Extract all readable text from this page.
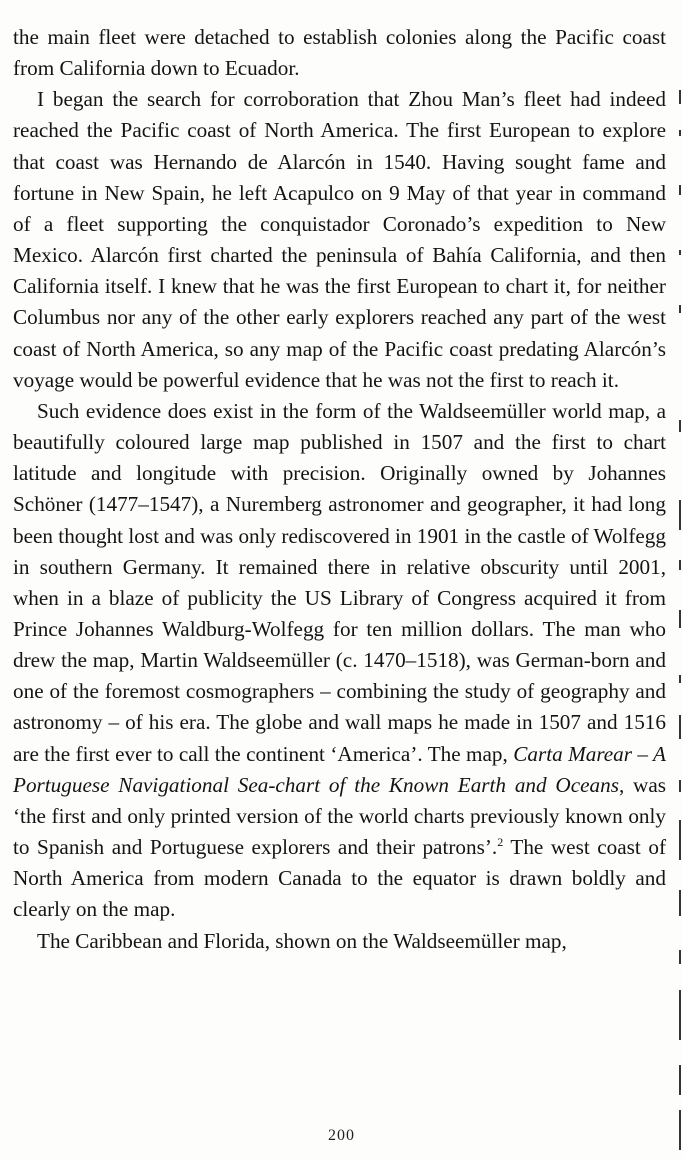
the main fleet were detached to establish colonies along the Pacific coast from California down to Ecuador.

I began the search for corroboration that Zhou Man’s fleet had indeed reached the Pacific coast of North America. The first European to explore that coast was Hernando de Alarcón in 1540. Having sought fame and fortune in New Spain, he left Acapulco on 9 May of that year in command of a fleet supporting the conquistador Coronado’s expedition to New Mexico. Alarcón first charted the peninsula of Bahía California, and then California itself. I knew that he was the first European to chart it, for neither Columbus nor any of the other early explorers reached any part of the west coast of North America, so any map of the Pacific coast predating Alarcón’s voyage would be powerful evidence that he was not the first to reach it.

Such evidence does exist in the form of the Waldseemüller world map, a beautifully coloured large map published in 1507 and the first to chart latitude and longitude with precision. Originally owned by Johannes Schöner (1477–1547), a Nuremberg astronomer and geographer, it had long been thought lost and was only rediscovered in 1901 in the castle of Wolfegg in southern Germany. It remained there in relative obscurity until 2001, when in a blaze of publicity the US Library of Congress acquired it from Prince Johannes Waldburg-Wolfegg for ten million dollars. The man who drew the map, Martin Waldseemüller (c. 1470–1518), was German-born and one of the foremost cosmographers – combining the study of geography and astronomy – of his era. The globe and wall maps he made in 1507 and 1516 are the first ever to call the continent ‘America’. The map, Carta Marear – A Portuguese Navigational Sea-chart of the Known Earth and Oceans, was ‘the first and only printed version of the world charts previously known only to Spanish and Portuguese explorers and their patrons’.$^2$ The west coast of North America from modern Canada to the equator is drawn boldly and clearly on the map.

The Caribbean and Florida, shown on the Waldseemüller map,

200
